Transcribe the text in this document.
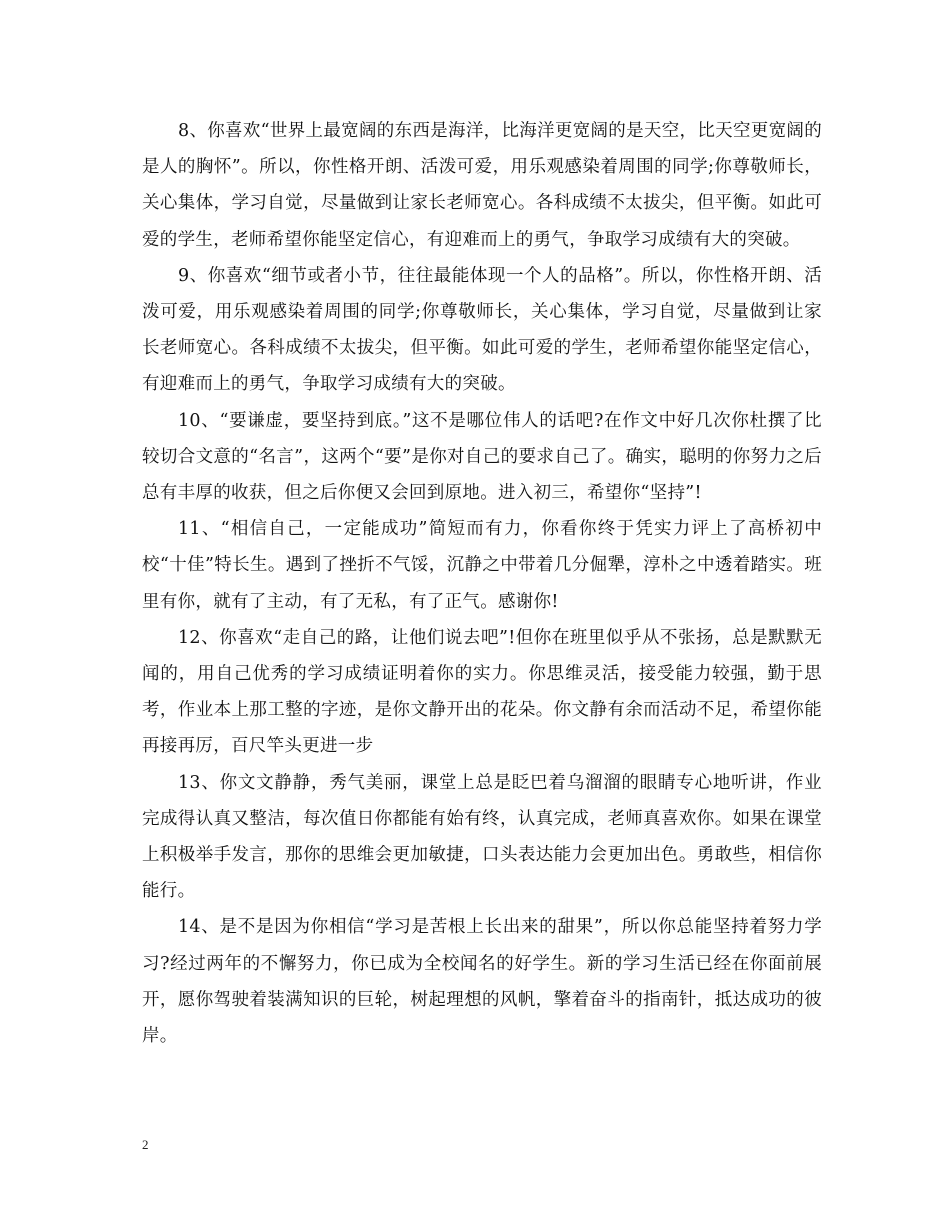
8、你喜欢“世界上最宽阔的东西是海洋，比海洋更宽阔的是天空，比天空更宽阔的是人的胸怀”。所以，你性格开朗、活泼可爱，用乐观感染着周围的同学;你尊敬师长，关心集体，学习自觉，尽量做到让家长老师宽心。各科成绩不太拔尖，但平衡。如此可爱的学生，老师希望你能坚定信心，有迎难而上的勇气，争取学习成绩有大的突破。

9、你喜欢“细节或者小节，往往最能体现一个人的品格”。所以，你性格开朗、活泼可爱，用乐观感染着周围的同学;你尊敬师长，关心集体，学习自觉，尽量做到让家长老师宽心。各科成绩不太拔尖，但平衡。如此可爱的学生，老师希望你能坚定信心，有迎难而上的勇气，争取学习成绩有大的突破。

10、“要谦虚，要坚持到底。”这不是哪位伟人的话吧?在作文中好几次你杜撰了比较切合文意的“名言”，这两个“要”是你对自己的要求自己了。确实，聪明的你努力之后总有丰厚的收获，但之后你便又会回到原地。进入初三，希望你“坚持”!

11、“相信自己，一定能成功”简短而有力，你看你终于凭实力评上了高桥初中校“十佳”特长生。遇到了挫折不气馁，沉静之中带着几分倔犟，淳朴之中透着踏实。班里有你，就有了主动，有了无私，有了正气。感谢你!

12、你喜欢“走自己的路，让他们说去吧”!但你在班里似乎从不张扬，总是默默无闻的，用自己优秀的学习成绩证明着你的实力。你思维灵活，接受能力较强，勤于思考，作业本上那工整的字迹，是你文静开出的花朵。你文静有余而活动不足，希望你能再接再厉，百尺竿头更进一步

13、你文文静静，秀气美丽，课堂上总是眨巴着乌溜溜的眼睛专心地听讲，作业完成得认真又整洁，每次值日你都能有始有终，认真完成，老师真喜欢你。如果在课堂上积极举手发言，那你的思维会更加敏捷，口头表达能力会更加出色。勇敢些，相信你能行。

14、是不是因为你相信“学习是苦根上长出来的甜果”，所以你总能坚持着努力学习?经过两年的不懈努力，你已成为全校闻名的好学生。新的学习生活已经在你面前展开，愿你驾驶着装满知识的巨轮，树起理想的风帆，擎着奋斗的指南针，抵达成功的彼岸。

2
